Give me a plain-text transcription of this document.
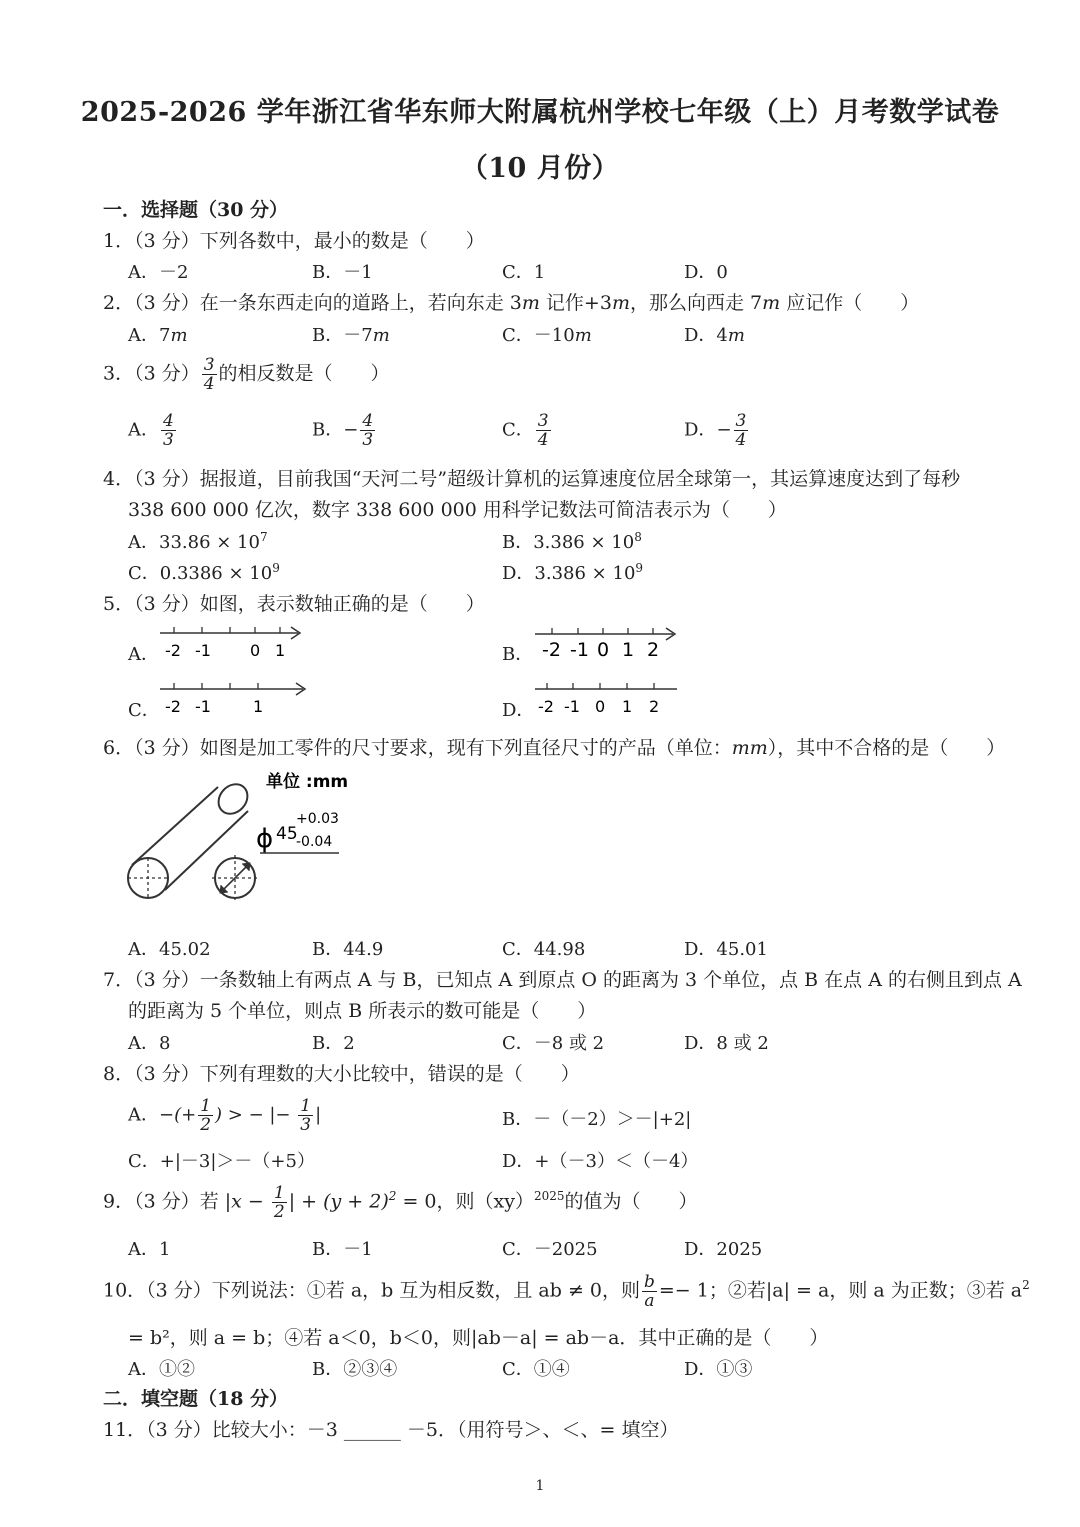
2025-2026 学年浙江省华东师大附属杭州学校七年级（上）月考数学试卷
（10 月份）
一．选择题（30 分）
1．（3 分）下列各数中，最小的数是（　　）
A．－2	B．－1	C．1	D．0
2．（3 分）在一条东西走向的道路上，若向东走 3m 记作+3m，那么向西走 7m 应记作（　　）
A．7m	B．－7m	C．－10m	D．4m
3．（3 分） $\frac{3}{4}$ 的相反数是（　　）
A． $\frac{4}{3}$	B．− $\frac{4}{3}$	C． $\frac{3}{4}$	D．− $\frac{3}{4}$
4．（3 分）据报道，目前我国“天河二号”超级计算机的运算速度位居全球第一，其运算速度达到了每秒
338 600 000 亿次，数字 338 600 000 用科学记数法可简洁表示为（　　）
A．$33.86 \times 10^7$	B．$3.386 \times 10^8$
C．$0.3386 \times 10^9$	D．$3.386 \times 10^9$
5．（3 分）如图，表示数轴正确的是（　　）
A． -2 -1 0 1	B． -2 -1 0 1 2
C． -2 -1	1	D． -2 -1 0 1 2
6．（3 分）如图是加工零件的尺寸要求，现有下列直径尺寸的产品（单位：mm），其中不合格的是（　　）
单位 :mm
ϕ 45
+0.03
-0.04
A．45.02	B．44.9	C．44.98	D．45.01
7．（3 分）一条数轴上有两点 A 与 B，已知点 A 到原点 O 的距离为 3 个单位，点 B 在点 A 的右侧且到点 A
的距离为 5 个单位，则点 B 所表示的数可能是（　　）
A．8	B．2	C．－8 或 2	D．8 或 2
8．（3 分）下列有理数的大小比较中，错误的是（　　）
A．−(+ $\frac{1}{2}$ ) > − |− $\frac{1}{3}$ |	B．－（－2）＞－|+2|
C．+|－3|＞－（+5）	D．+（－3）＜（－4）
9．（3 分）若 $|x - \frac{1}{2}$ | + $(y + 2)^2 = 0$，则（xy）$^{2025}$的值为（　　）
A．1	B．－1	C．－2025	D．2025
10．（3 分）下列说法：①若 a，b 互为相反数，且 ab ≠ 0，则 $\frac{b}{a} =- 1$；②若|a| = a，则 a 为正数；③若 $a^2$
= b²，则 a = b；④若 a＜0，b＜0，则|ab－a| = ab－a．其中正确的是（　　）
A．①②	B．②③④	C．①④	D．①③
二．填空题（18 分）
11．（3 分）比较大小：－3 ______ －5．（用符号＞、＜、= 填空）
1
